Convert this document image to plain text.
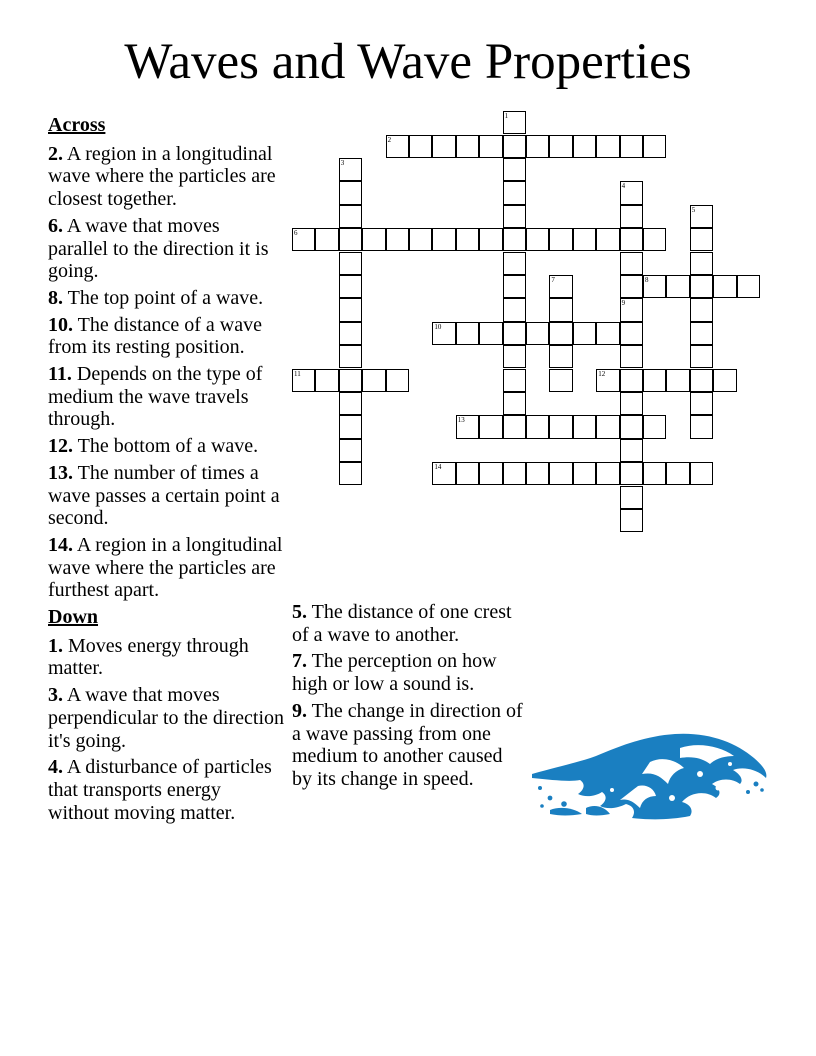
Waves and Wave Properties
1
2
3
4
9
5
6
7	8
10
11	12
13
14
Across
2. A region in a longitudinal wave where the particles are closest together.
6. A wave that moves parallel to the direction it is going.
8. The top point of a wave.
10. The distance of a wave from its resting position.
11. Depends on the type of medium the wave travels through.
12. The bottom of a wave.
13. The number of times a wave passes a certain point a second.
14. A region in a longitudinal wave where the particles are furthest apart.
Down
1. Moves energy through matter.
3. A wave that moves perpendicular to the direction it's going.
4. A disturbance of particles that transports energy without moving matter.
5. The distance of one crest of a wave to another.
7. The perception on how high or low a sound is.
9. The change in direction of a wave passing from one medium to another caused by its change in speed.
